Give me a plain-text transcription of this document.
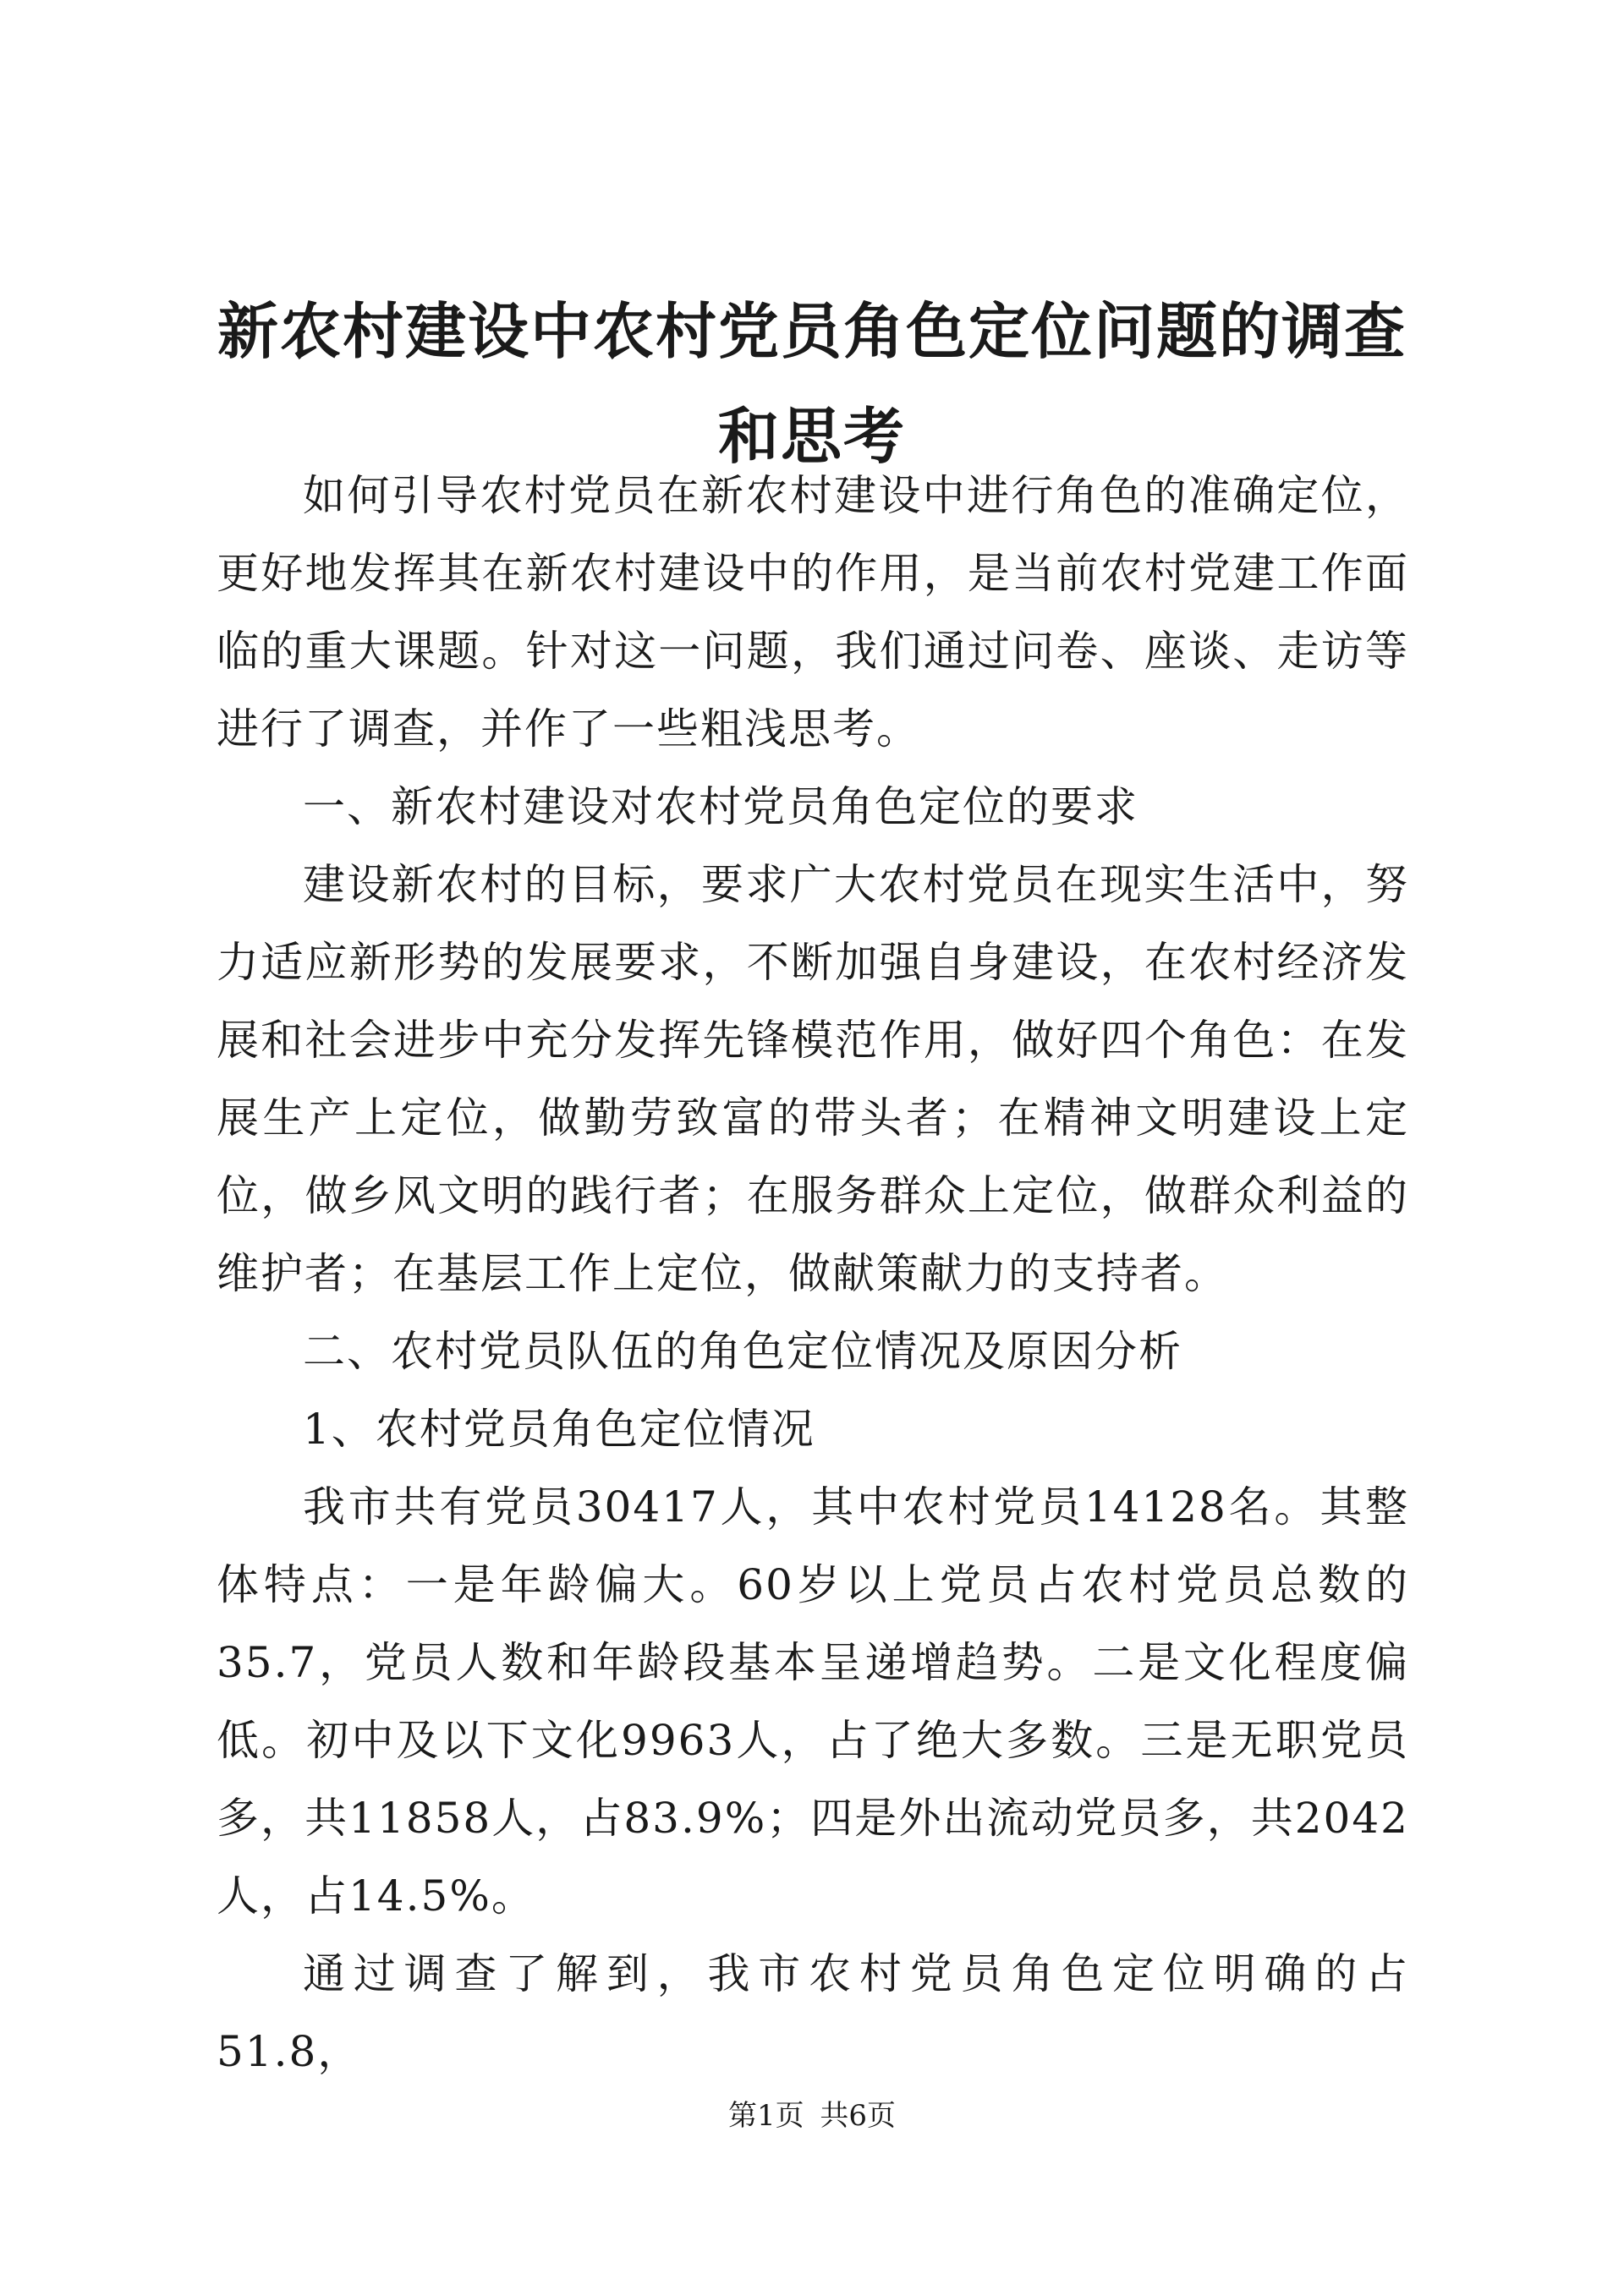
新农村建设中农村党员角色定位问题的调查和思考

如何引导农村党员在新农村建设中进行角色的准确定位，更好地发挥其在新农村建设中的作用，是当前农村党建工作面临的重大课题。针对这一问题，我们通过问卷、座谈、走访等进行了调查，并作了一些粗浅思考。

一、新农村建设对农村党员角色定位的要求

建设新农村的目标，要求广大农村党员在现实生活中，努力适应新形势的发展要求，不断加强自身建设，在农村经济发展和社会进步中充分发挥先锋模范作用，做好四个角色：在发展生产上定位，做勤劳致富的带头者；在精神文明建设上定位，做乡风文明的践行者；在服务群众上定位，做群众利益的维护者；在基层工作上定位，做献策献力的支持者。

二、农村党员队伍的角色定位情况及原因分析

1、农村党员角色定位情况

我市共有党员30417人，其中农村党员14128名。其整体特点：一是年龄偏大。60岁以上党员占农村党员总数的35.7，党员人数和年龄段基本呈递增趋势。二是文化程度偏低。初中及以下文化9963人，占了绝大多数。三是无职党员多，共11858人，占83.9%；四是外出流动党员多，共2042人，占14.5%。

通过调查了解到，我市农村党员角色定位明确的占51.8，

第1页 共6页
